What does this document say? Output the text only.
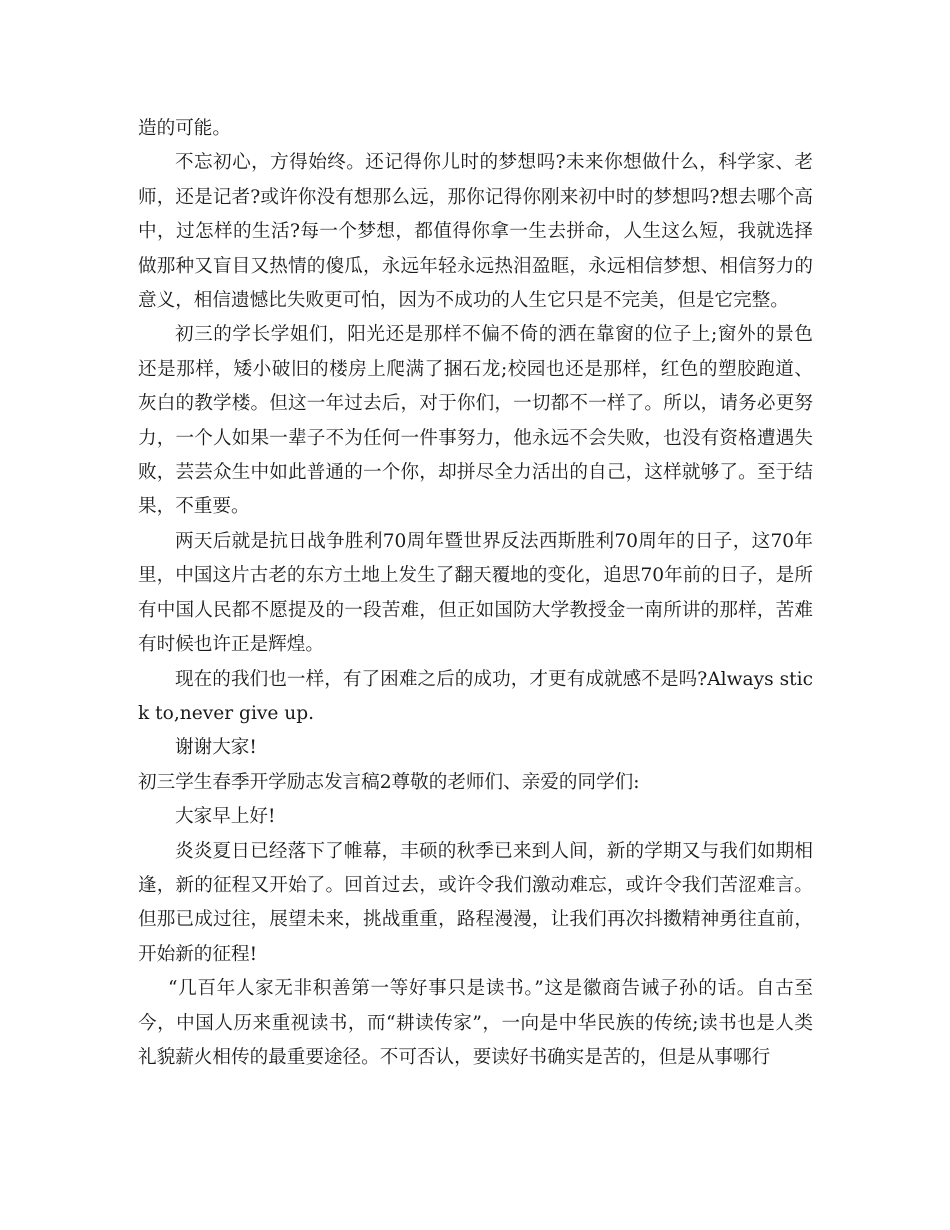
造的可能。

不忘初心，方得始终。还记得你儿时的梦想吗?未来你想做什么，科学家、老师，还是记者?或许你没有想那么远，那你记得你刚来初中时的梦想吗?想去哪个高中，过怎样的生活?每一个梦想，都值得你拿一生去拼命，人生这么短，我就选择做那种又盲目又热情的傻瓜，永远年轻永远热泪盈眶，永远相信梦想、相信努力的意义，相信遗憾比失败更可怕，因为不成功的人生它只是不完美，但是它完整。

初三的学长学姐们，阳光还是那样不偏不倚的洒在靠窗的位子上;窗外的景色还是那样，矮小破旧的楼房上爬满了捆石龙;校园也还是那样，红色的塑胶跑道、灰白的教学楼。但这一年过去后，对于你们，一切都不一样了。所以，请务必更努力，一个人如果一辈子不为任何一件事努力，他永远不会失败，也没有资格遭遇失败，芸芸众生中如此普通的一个你，却拼尽全力活出的自己，这样就够了。至于结果，不重要。

两天后就是抗日战争胜利70周年暨世界反法西斯胜利70周年的日子，这70年里，中国这片古老的东方土地上发生了翻天覆地的变化，追思70年前的日子，是所有中国人民都不愿提及的一段苦难，但正如国防大学教授金一南所讲的那样，苦难有时候也许正是辉煌。

现在的我们也一样，有了困难之后的成功，才更有成就感不是吗?Always stick to,never give up.

谢谢大家!

初三学生春季开学励志发言稿2尊敬的老师们、亲爱的同学们:

大家早上好!

炎炎夏日已经落下了帷幕，丰硕的秋季已来到人间，新的学期又与我们如期相逢，新的征程又开始了。回首过去，或许令我们激动难忘，或许令我们苦涩难言。但那已成过往，展望未来，挑战重重，路程漫漫，让我们再次抖擞精神勇往直前，开始新的征程!

“几百年人家无非积善第一等好事只是读书。”这是徽商告诫子孙的话。自古至今，中国人历来重视读书，而“耕读传家”，一向是中华民族的传统;读书也是人类礼貌薪火相传的最重要途径。不可否认，要读好书确实是苦的，但是从事哪行
